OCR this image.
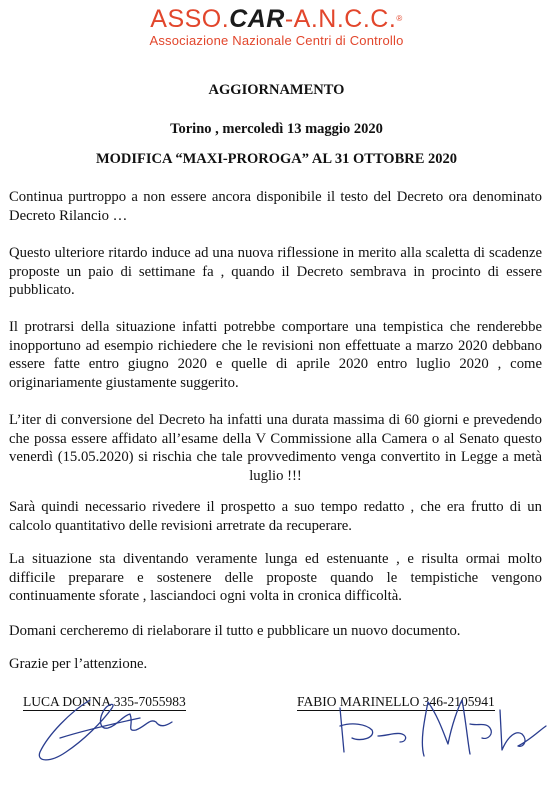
ASSO.CAR-A.N.C.C.®
Associazione Nazionale Centri di Controllo
AGGIORNAMENTO
Torino , mercoledì 13 maggio 2020
MODIFICA “MAXI-PROROGA” AL 31 OTTOBRE 2020

Continua purtroppo a non essere ancora disponibile il testo del Decreto ora denominato Decreto Rilancio …

Questo ulteriore ritardo induce ad una nuova riflessione in merito alla scaletta di scadenze proposte un paio di settimane fa , quando il Decreto sembrava in procinto di essere pubblicato.

Il protrarsi della situazione infatti potrebbe comportare una tempistica che renderebbe inopportuno ad esempio richiedere che le revisioni non effettuate a marzo 2020 debbano essere fatte entro giugno 2020 e quelle di aprile 2020 entro luglio 2020 , come originariamente giustamente suggerito.

L’iter di conversione del Decreto ha infatti una durata massima di 60 giorni e prevedendo che possa essere affidato all’esame della V Commissione alla Camera o al Senato questo venerdì (15.05.2020) si rischia che tale provvedimento venga convertito in Legge a metà luglio !!!

Sarà quindi necessario rivedere il prospetto a suo tempo redatto , che era frutto di un calcolo quantitativo delle revisioni arretrate da recuperare.

La situazione sta diventando veramente lunga ed estenuante , e risulta ormai molto difficile preparare e sostenere delle proposte quando le tempistiche vengono continuamente sforate , lasciandoci ogni volta in cronica difficoltà.

Domani cercheremo di rielaborare il tutto e pubblicare un nuovo documento.

Grazie per l’attenzione.

LUCA DONNA 335-7055983	FABIO MARINELLO 346-2105941
